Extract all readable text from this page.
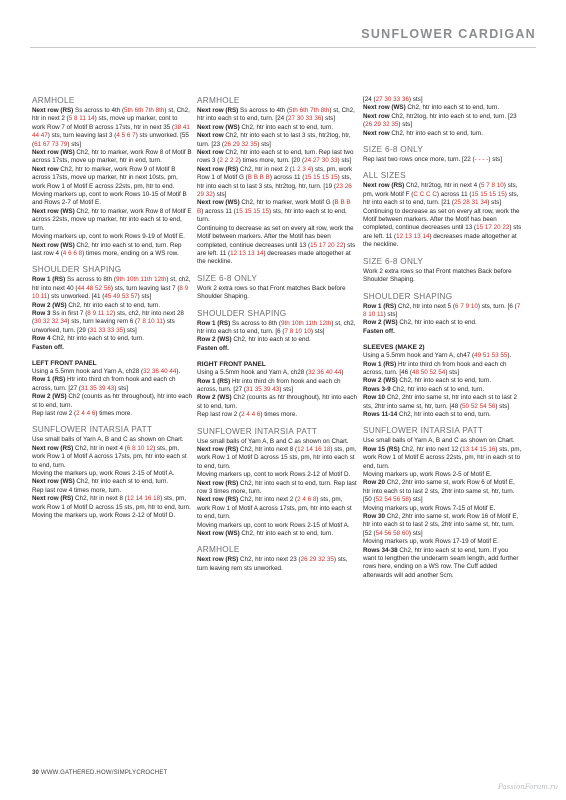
SUNFLOWER CARDIGAN
ARMHOLE

Next row (RS) Ss across to 4th (5th 6th 7th 8th) st, Ch2, htr in next 2 (5 8 11 14) sts, move up marker, cont to work Row 7 of Motif B across 17sts, htr in next 35 (38 41 44 47) sts, turn leaving last 3 (4 5 6 7) sts unworked. [55 (61 67 73 79) sts]

Next row (WS) Ch2, htr to marker, work Row 8 of Motif B across 17sts, move up marker, htr in end, turn.

Next row Ch2, htr to marker, work Row 9 of Motif B across 17sts, move up marker, htr in next 10sts, pm, work Row 1 of Motif E across 22sts, pm, htr to end.

Moving markers up, cont to work Rows 10-15 of Motif B and Rows 2-7 of Motif E.

Next row (WS) Ch2, htr to marker, work Row 8 of Motif E across 22sts, move up marker, htr into each st to end, turn.

Moving markers up, cont to work Rows 9-19 of Motif E.

Next row (WS) Ch2, htr into each st to end, turn. Rep last row 4 (4 6 6 8) times more, ending on a WS row.

SHOULDER SHAPING

Row 1 (RS) Ss across to 8th (9th 10th 11th 12th) st, ch2, htr into next 40 (44 48 52 56) sts, turn leaving last 7 (8 9 10 11) sts unworked. [41 (45 49 53 57) sts]

Row 2 (WS) Ch2, htr into each st to end, turn.

Row 3 Ss in first 7 (8 9 11 12) sts, ch2, htr into next 28 (30 32 32 34) sts, turn leaving rem 6 (7 8 10 11) sts unworked, turn. [29 (31 33 33 35) sts]

Row 4 Ch2, htr into each st to end, turn.

Fasten off.

LEFT FRONT PANEL

Using a 5.5mm hook and Yarn A, ch28 (32 36 40 44).

Row 1 (RS) Htr into third ch from hook and each ch across, turn. [27 (31 35 39 43) sts]

Row 2 (WS) Ch2 (counts as htr throughout), htr into each st to end, turn.

Rep last row 2 (2 4 4 6) times more.

SUNFLOWER INTARSIA PATT

Use small balls of Yarn A, B and C as shown on Chart.

Next row (RS) Ch2, htr in next 4 (6 8 10 12) sts, pm, work Row 1 of Motif A across 17sts, pm, htr into each st to end, turn.

Moving the markers up, work Rows 2-15 of Motif A.

Next row (WS) Ch2, htr into each st to end, turn.

Rep last row 4 times more, turn.

Next row (RS) Ch2, htr in next 8 (12 14 16 18) sts, pm, work Row 1 of Motif D across 15 sts, pm, htr to end, turn.

Moving the markers up, work Rows 2-12 of Motif D.

ARMHOLE

Next row (RS) Ss across to 4th (5th 6th 7th 8th) st, Ch2, htr into each st to end, turn. [24 (27 30 33 36) sts]

Next row (WS) Ch2, htr into each st to end, turn.

Next row Ch2, htr into each st to last 3 sts, htr2tog, htr, turn. [23 (26 29 32 35) sts]

Next row Ch2, htr into each st to end, turn. Rep last two rows 3 (2 2 2 2) times more, turn. [20 (24 27 30 33) sts]

Next row (RS) Ch2, htr in next 2 (1 2 3 4) sts, pm, work Row 1 of Motif G (B B B B) across 11 (15 15 15 15) sts, htr into each st to last 3 sts, htr2tog, htr, turn. [19 (23 26 29 32) sts]

Next row (WS) Ch2, htr to marker, work Motif G (B B B B) across 11 (15 15 15 15) sts, htr into each st to end, turn.

Continuing to decrease as set on every alt row, work the Motif between markers. After the Motif has been completed, continue decreases until 13 (15 17 20 22) sts are left. 11 (12 13 13 14) decreases made altogether at the neckline.

SIZE 6-8 ONLY

Work 2 extra rows so that Front matches Back before Shoulder Shaping.

SHOULDER SHAPING

Row 1 (RS) Ss across to 8th (9th 10th 11th 12th) st, ch2, htr into each st to end, turn. [6 (7 8 10 10) sts]

Row 2 (WS) Ch2, htr into each st to end.

Fasten off.

RIGHT FRONT PANEL

Using a 5.5mm hook and Yarn A, ch28 (32 36 40 44)

Row 1 (RS) Htr into third ch from hook and each ch across, turn. [27 (31 35 39 43) sts]

Row 2 (WS) Ch2 (counts as htr throughout), htr into each st to end, turn.

Rep last row 2 (2 4 4 6) times more.

SUNFLOWER INTARSIA PATT

Use small balls of Yarn A, B and C as shown on Chart.

Next row (RS) Ch2, htr into next 8 (12 14 16 18) sts, pm, work Row 1 of Motif D across 15 sts, pm, htr into each st to end, turn.

Moving markers up, cont to work Rows 2-12 of Motif D.

Next row (RS) Ch2, htr into each st to end, turn. Rep last row 3 times more, turn.

Next row (RS) Ch2, htr into next 2 (2 4 6 8) sts, pm, work Row 1 of Motif A across 17sts, pm, htr into each st to end, turn.

Moving markers up, cont to work Rows 2-15 of Motif A.

Next row (WS) Ch2, htr into each st to end, turn.

ARMHOLE

Next row (RS) Ch2, htr into next 23 (26 29 32 35) sts, turn leaving rem sts unworked.

[24 (27 30 33 36) sts]

Next row (WS) Ch2, htr into each st to end, turn.

Next row Ch2, htr2tog, htr into each st to end, turn. [23 (26 29 32 35) sts]

Next row Ch2, htr into each st to end, turn.

SIZE 6-8 ONLY

Rep last two rows once more, turn. [22 (- - - -) sts]

ALL SIZES

Next row (RS) Ch2, htr2tog, htr in next 4 (5 7 8 10) sts, pm, work Motif F (C C C C) across 11 (15 15 15 15) sts, htr into each st to end, turn. [21 (25 28 31 34) sts]

Continuing to decrease as set on every alt row, work the Motif between markers. After the Motif has been completed, continue decreases until 13 (15 17 20 22) sts are left. 11 (12 13 13 14) decreases made altogether at the neckline.

SIZE 6-8 ONLY

Work 2 extra rows so that Front matches Back before Shoulder Shaping.

SHOULDER SHAPING

Row 1 (RS) Ch2, htr into next 5 (6 7 9 10) sts, turn. [6 (7 8 10 11) sts]

Row 2 (WS) Ch2, htr into each st to end.

Fasten off.

SLEEVES (MAKE 2)

Using a 5.5mm hook and Yarn A, ch47 (49 51 53 55).

Row 1 (RS) Htr into third ch from hook and each ch across, turn. [46 (48 50 52 54) sts]

Row 2 (WS) Ch2, htr into each st to end, turn.

Rows 3-9 Ch2, htr into each st to end, turn.

Row 10 Ch2, 2htr into same st, htr into each st to last 2 sts, 2htr into same st, htr, turn. [48 (50 52 54 56) sts]

Rows 11-14 Ch2, htr into each st to end, turn.

SUNFLOWER INTARSIA PATT

Use small balls of Yarn A, B and C as shown on Chart.

Row 15 (RS) Ch2, htr into next 12 (13 14 15 16) sts, pm, work Row 1 of Motif E across 22sts, pm, htr in each st to end, turn.

Moving markers up, work Rows 2-5 of Motif E.

Row 20 Ch2, 2htr into same st, work Row 6 of Motif E, htr into each st to last 2 sts, 2htr into same st, htr, turn. [50 (52 54 56 58) sts]

Moving markers up, work Rows 7-15 of Motif E.

Row 30 Ch2, 2htr into same st, work Row 16 of Motif E, htr into each st to last 2 sts, 2htr into same st, htr, turn. [52 (54 56 58 60) sts]

Moving markers up, work Rows 17-19 of Motif E.

Rows 34-38 Ch2, htr into each st to end, turn. If you want to lengthen the underarm seam length, add further rows here, ending on a WS row. The Cuff added afterwards will add another 5cm.

30 WWW.GATHERED.HOW/SIMPLYCROCHET
PassionForum.ru
